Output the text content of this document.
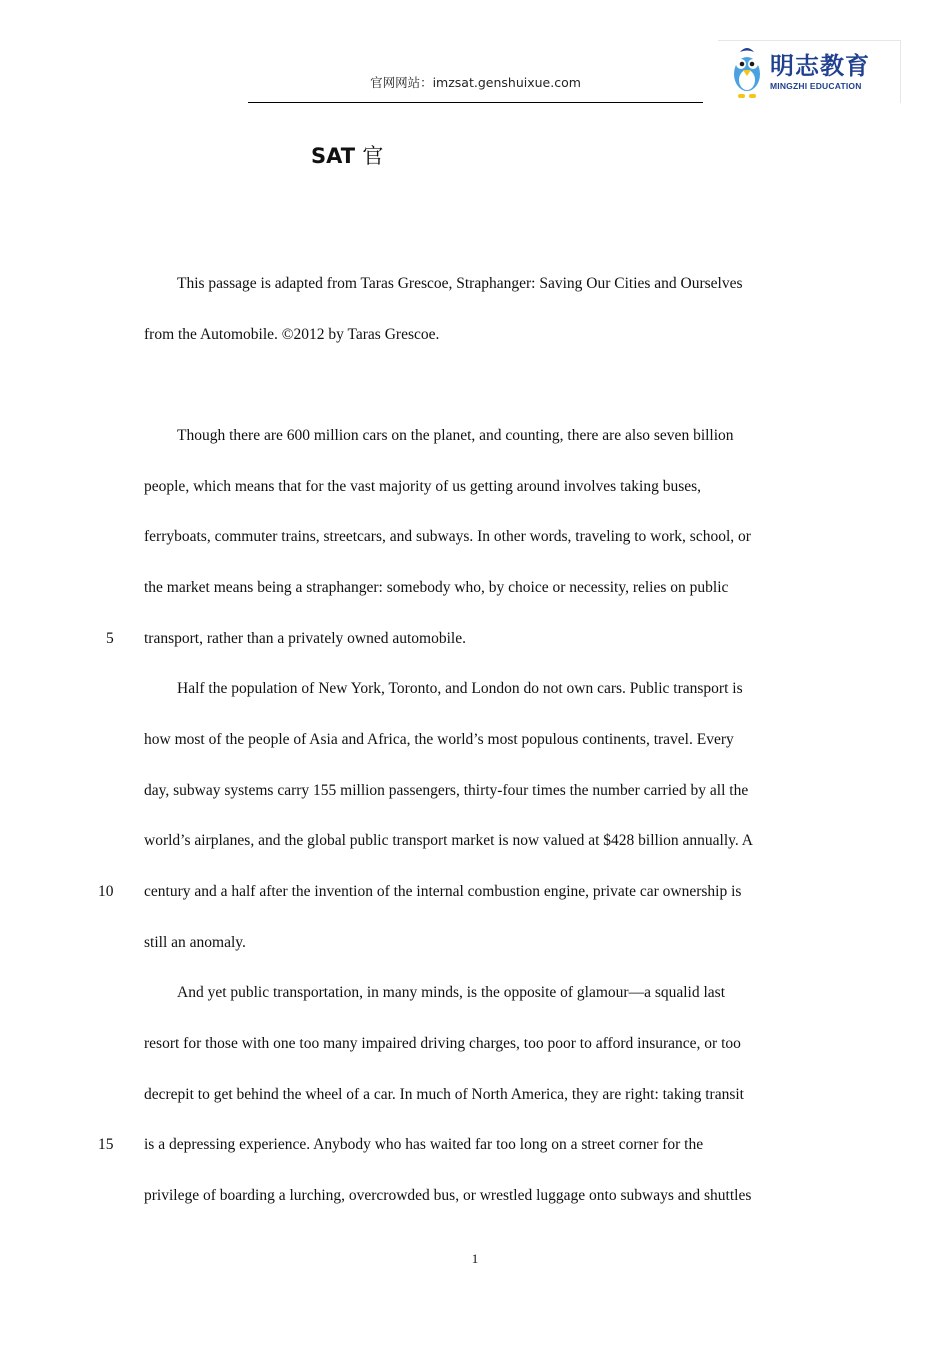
官网网站：imzsat.genshuixue.com
明志教育
MINGZHI EDUCATION
SAT 官
This passage is adapted from Taras Grescoe, Straphanger: Saving Our Cities and Ourselves
from the Automobile. ©2012 by Taras Grescoe.
Though there are 600 million cars on the planet, and counting, there are also seven billion
people, which means that for the vast majority of us getting around involves taking buses,
ferryboats, commuter trains, streetcars, and subways. In other words, traveling to work, school, or
the market means being a straphanger: somebody who, by choice or necessity, relies on public
transport, rather than a privately owned automobile.
Half the population of New York, Toronto, and London do not own cars. Public transport is
how most of the people of Asia and Africa, the world’s most populous continents, travel. Every
day, subway systems carry 155 million passengers, thirty-four times the number carried by all the
world’s airplanes, and the global public transport market is now valued at $428 billion annually. A
century and a half after the invention of the internal combustion engine, private car ownership is
still an anomaly.
And yet public transportation, in many minds, is the opposite of glamour—a squalid last
resort for those with one too many impaired driving charges, too poor to afford insurance, or too
decrepit to get behind the wheel of a car. In much of North America, they are right: taking transit
is a depressing experience. Anybody who has waited far too long on a street corner for the
privilege of boarding a lurching, overcrowded bus, or wrestled luggage onto subways and shuttles
5
10
15
1
